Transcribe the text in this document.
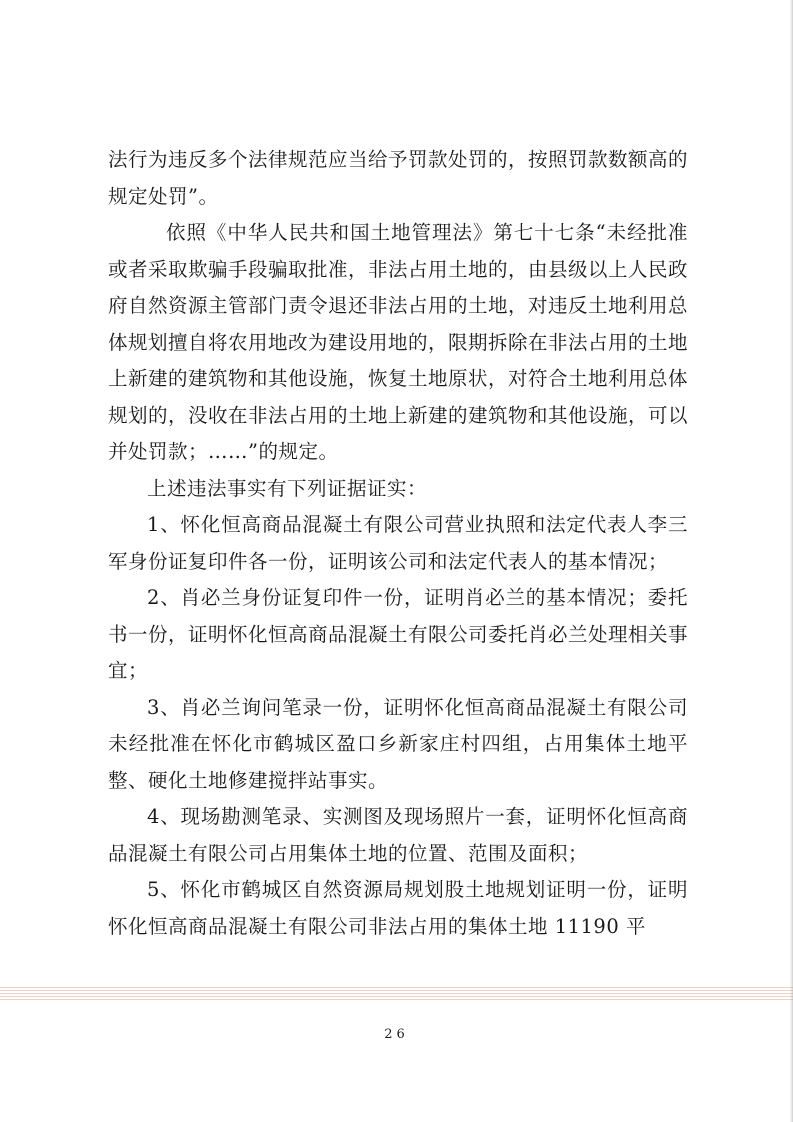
法行为违反多个法律规范应当给予罚款处罚的，按照罚款数额高的规定处罚”。

依照《中华人民共和国土地管理法》第七十七条“未经批准或者采取欺骗手段骗取批准，非法占用土地的，由县级以上人民政府自然资源主管部门责令退还非法占用的土地，对违反土地利用总体规划擅自将农用地改为建设用地的，限期拆除在非法占用的土地上新建的建筑物和其他设施，恢复土地原状，对符合土地利用总体规划的，没收在非法占用的土地上新建的建筑物和其他设施，可以并处罚款；……”的规定。

上述违法事实有下列证据证实：

1、怀化恒高商品混凝土有限公司营业执照和法定代表人李三军身份证复印件各一份，证明该公司和法定代表人的基本情况；

2、肖必兰身份证复印件一份，证明肖必兰的基本情况；委托书一份，证明怀化恒高商品混凝土有限公司委托肖必兰处理相关事宜；

3、肖必兰询问笔录一份，证明怀化恒高商品混凝土有限公司未经批准在怀化市鹤城区盈口乡新家庄村四组，占用集体土地平整、硬化土地修建搅拌站事实。

4、现场勘测笔录、实测图及现场照片一套，证明怀化恒高商品混凝土有限公司占用集体土地的位置、范围及面积；

5、怀化市鹤城区自然资源局规划股土地规划证明一份，证明怀化恒高商品混凝土有限公司非法占用的集体土地 11190 平

26
